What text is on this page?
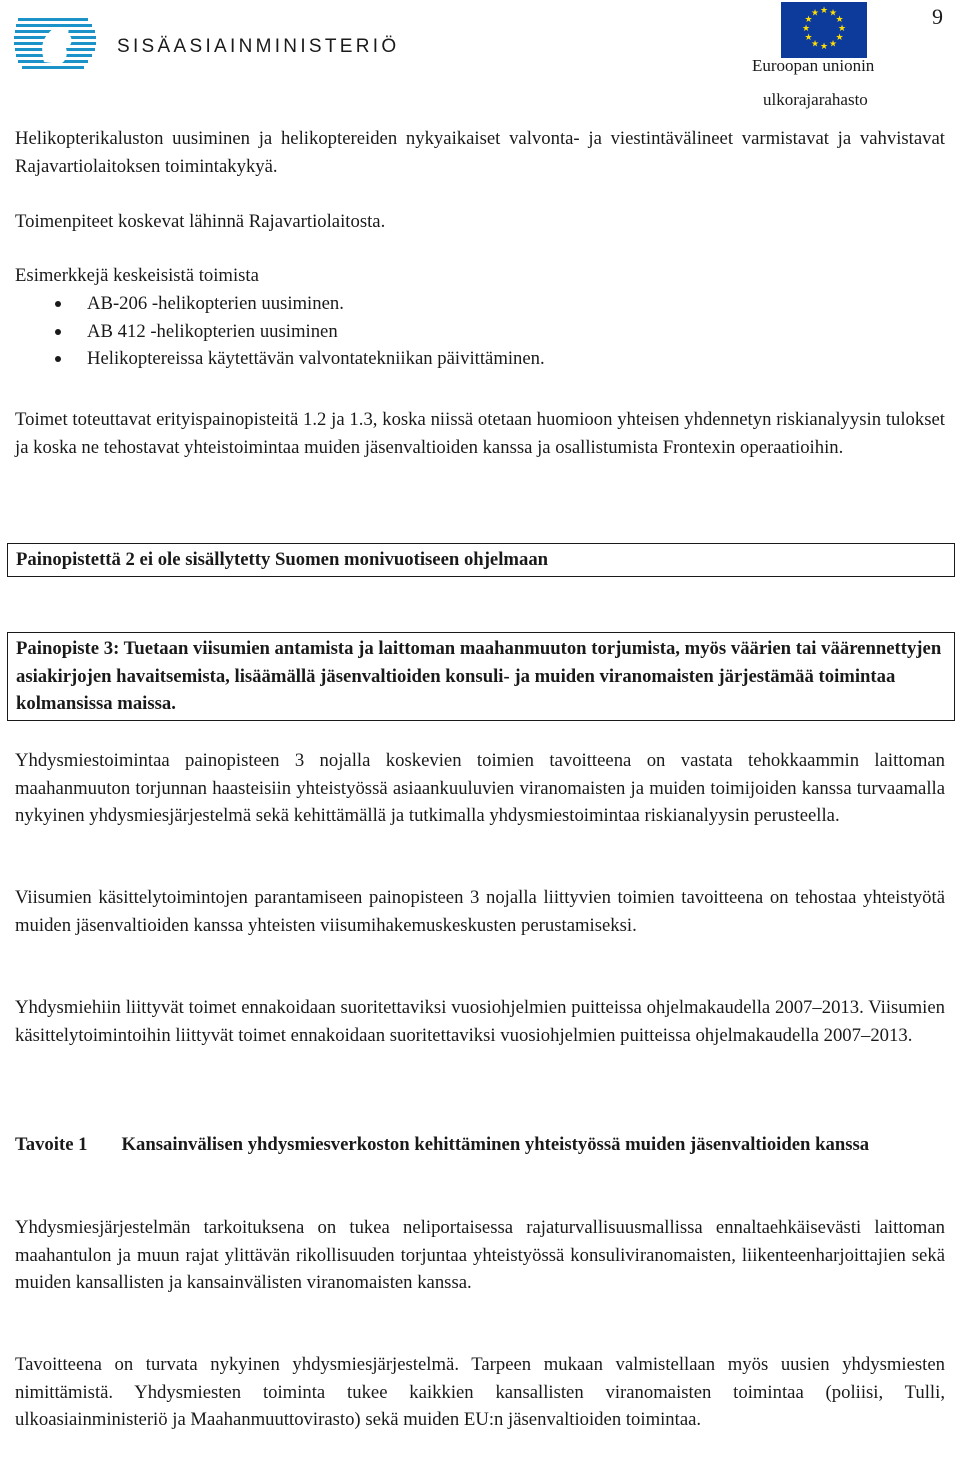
SISÄASIAINMINISTERIÖ
★ ★
★
★
★
★
★
★
★
★
★
★
Euroopan unionin
ulkorajarahasto
9

Helikopterikaluston uusiminen ja helikoptereiden nykyaikaiset valvonta- ja viestintävälineet varmistavat ja vahvistavat Rajavartiolaitoksen toimintakykyä.

Toimenpiteet koskevat lähinnä Rajavartiolaitosta.

Esimerkkejä keskeisistä toimista

AB-206 -helikopterien uusiminen.
AB 412 -helikopterien uusiminen
Helikoptereissa käytettävän valvontatekniikan päivittäminen.

Toimet toteuttavat erityispainopisteitä 1.2 ja 1.3, koska niissä otetaan huomioon yhteisen yhdennetyn riskianalyysin tulokset ja koska ne tehostavat yhteistoimintaa muiden jäsenvaltioiden kanssa ja osallistumista Frontexin operaatioihin.

Painopistettä 2 ei ole sisällytetty Suomen monivuotiseen ohjelmaan
Painopiste 3: Tuetaan viisumien antamista ja laittoman maahanmuuton torjumista, myös väärien tai väärennettyjen asiakirjojen havaitsemista, lisäämällä jäsenvaltioiden konsuli- ja muiden viranomaisten järjestämää toimintaa kolmansissa maissa.

Yhdysmiestoimintaa painopisteen 3 nojalla koskevien toimien tavoitteena on vastata tehokkaammin laittoman maahanmuuton torjunnan haasteisiin yhteistyössä asiaankuuluvien viranomaisten ja muiden toimijoiden kanssa turvaamalla nykyinen yhdysmiesjärjestelmä sekä kehittämällä ja tutkimalla yhdysmiestoimintaa riskianalyysin perusteella.

Viisumien käsittelytoimintojen parantamiseen painopisteen 3 nojalla liittyvien toimien tavoitteena on tehostaa yhteistyötä muiden jäsenvaltioiden kanssa yhteisten viisumihakemuskeskusten perustamiseksi.

Yhdysmiehiin liittyvät toimet ennakoidaan suoritettaviksi vuosiohjelmien puitteissa ohjelmakaudella 2007–2013. Viisumien käsittelytoimintoihin liittyvät toimet ennakoidaan suoritettaviksi vuosiohjelmien puitteissa ohjelmakaudella 2007–2013.

Tavoite 1 Kansainvälisen yhdysmiesverkoston kehittäminen yhteistyössä muiden jäsenvaltioiden kanssa

Yhdysmiesjärjestelmän tarkoituksena on tukea neliportaisessa rajaturvallisuusmallissa ennaltaehkäisevästi laittoman maahantulon ja muun rajat ylittävän rikollisuuden torjuntaa yhteistyössä konsuliviranomaisten, liikenteenharjoittajien sekä muiden kansallisten ja kansainvälisten viranomaisten kanssa.

Tavoitteena on turvata nykyinen yhdysmiesjärjestelmä. Tarpeen mukaan valmistellaan myös uusien yhdysmiesten nimittämistä. Yhdysmiesten toiminta tukee kaikkien kansallisten viranomaisten toimintaa (poliisi, Tulli, ulkoasiainministeriö ja Maahanmuuttovirasto) sekä muiden EU:n jäsenvaltioiden toimintaa.
